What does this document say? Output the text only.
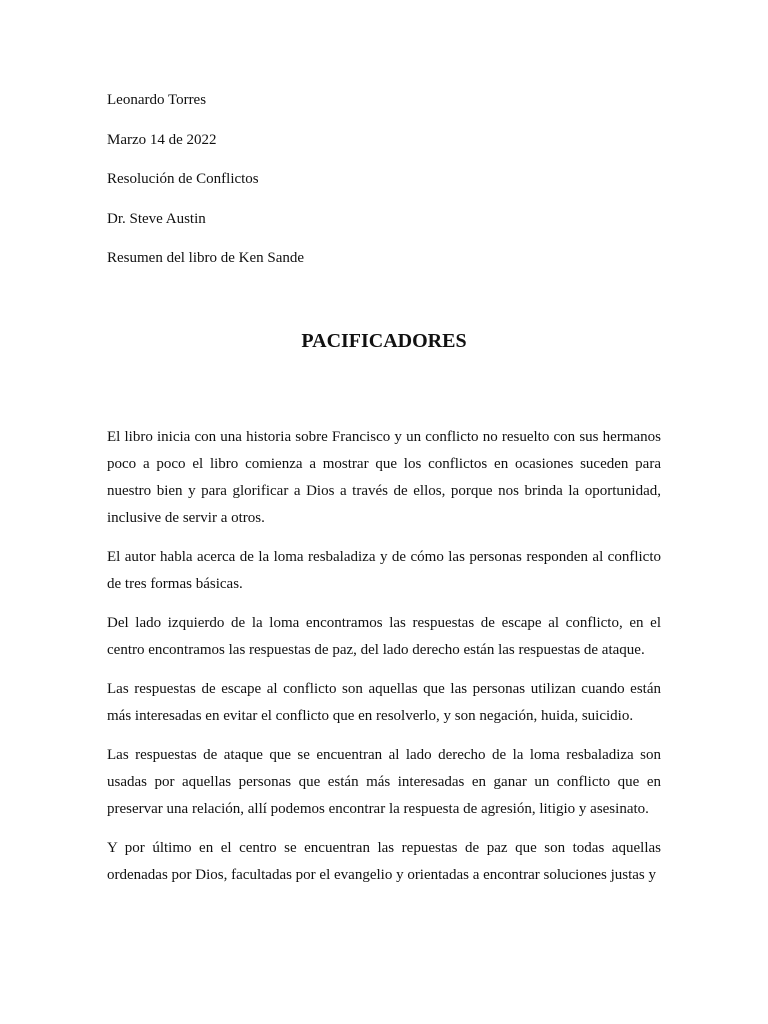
Leonardo Torres

Marzo 14 de 2022

Resolución de Conflictos

Dr. Steve Austin

Resumen del libro de Ken Sande

PACIFICADORES

El libro inicia con una historia sobre Francisco y un conflicto no resuelto con sus hermanos poco a poco el libro comienza a mostrar que los conflictos en ocasiones suceden para nuestro bien y para glorificar a Dios a través de ellos, porque nos brinda la oportunidad, inclusive de servir a otros.

El autor habla acerca de la loma resbaladiza y de cómo las personas responden al conflicto de tres formas básicas.

Del lado izquierdo de la loma encontramos las respuestas de escape al conflicto, en el centro encontramos las respuestas de paz, del lado derecho están las respuestas de ataque.

Las respuestas de escape al conflicto son aquellas que las personas utilizan cuando están más interesadas en evitar el conflicto que en resolverlo, y son negación, huida, suicidio.

Las respuestas de ataque que se encuentran al lado derecho de la loma resbaladiza son usadas por aquellas personas que están más interesadas en ganar un conflicto que en preservar una relación, allí podemos encontrar la respuesta de agresión, litigio y asesinato.

Y por último en el centro se encuentran las repuestas de paz que son todas aquellas ordenadas por Dios, facultadas por el evangelio y orientadas a encontrar soluciones justas y
